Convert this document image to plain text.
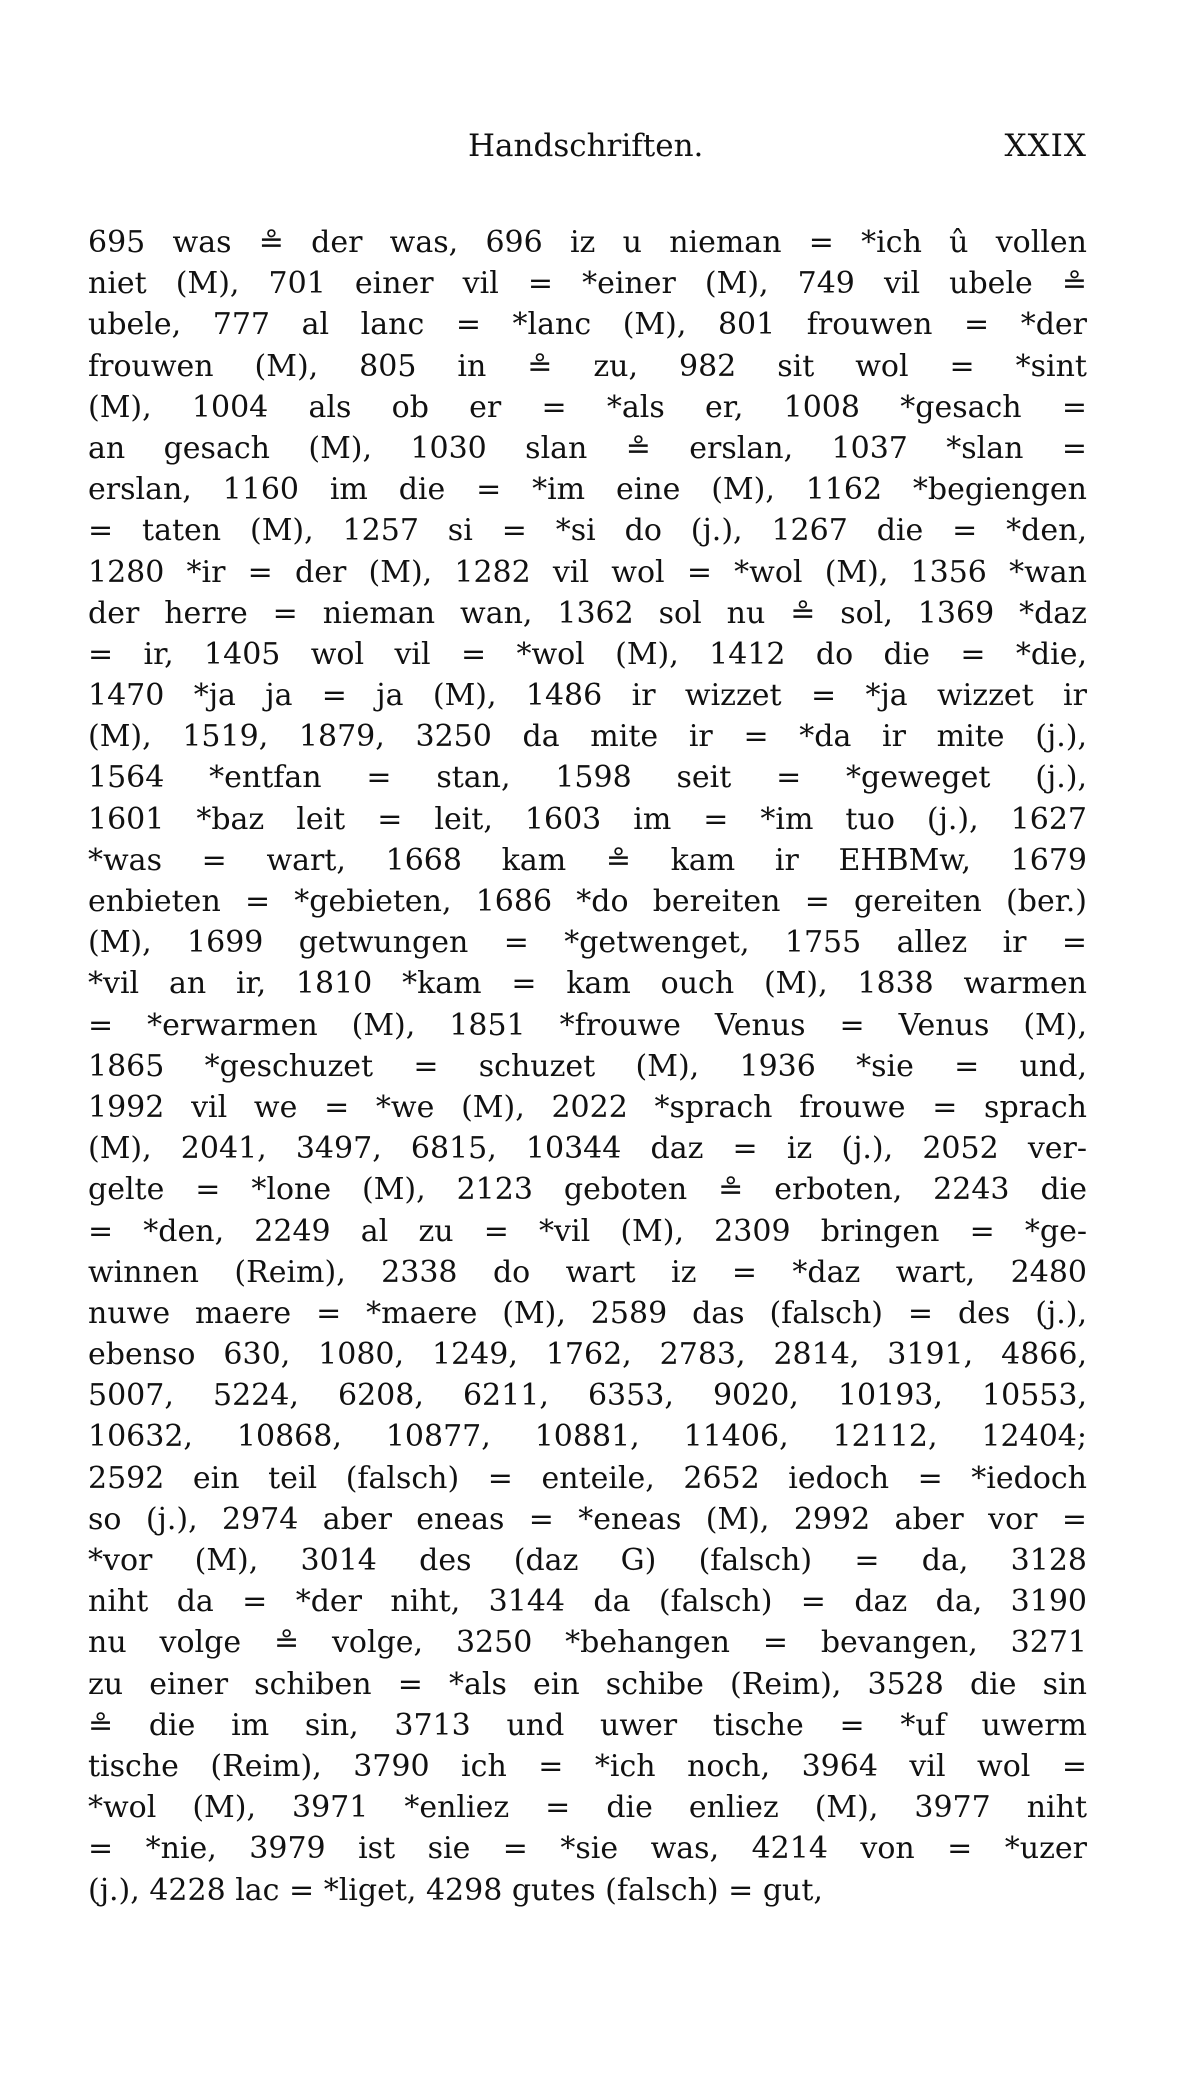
Handschriften.	XXIX
695 was ≗ der was, 696 iz u nieman = *ich û vollen
niet (M), 701 einer vil = *einer (M), 749 vil ubele ≗
ubele, 777 al lanc = *lanc (M), 801 frouwen = *der
frouwen (M), 805 in ≗ zu, 982 sit wol = *sint
(M), 1004 als ob er = *als er, 1008 *gesach =
an gesach (M), 1030 slan ≗ erslan, 1037 *slan =
erslan, 1160 im die = *im eine (M), 1162 *begiengen
= taten (M), 1257 si = *si do (j.), 1267 die = *den,
1280 *ir = der (M), 1282 vil wol = *wol (M), 1356 *wan
der herre = nieman wan, 1362 sol nu ≗ sol, 1369 *daz
= ir, 1405 wol vil = *wol (M), 1412 do die = *die,
1470 *ja ja = ja (M), 1486 ir wizzet = *ja wizzet ir
(M), 1519, 1879, 3250 da mite ir = *da ir mite (j.),
1564 *entfan = stan, 1598 seit = *geweget (j.),
1601 *baz leit = leit, 1603 im = *im tuo (j.), 1627
*was = wart, 1668 kam ≗ kam ir EHBMw, 1679
enbieten = *gebieten, 1686 *do bereiten = gereiten (ber.)
(M), 1699 getwungen = *getwenget, 1755 allez ir =
*vil an ir, 1810 *kam = kam ouch (M), 1838 warmen
= *erwarmen (M), 1851 *frouwe Venus = Venus (M),
1865 *geschuzet = schuzet (M), 1936 *sie = und,
1992 vil we = *we (M), 2022 *sprach frouwe = sprach
(M), 2041, 3497, 6815, 10344 daz = iz (j.), 2052 ver-
gelte = *lone (M), 2123 geboten ≗ erboten, 2243 die
= *den, 2249 al zu = *vil (M), 2309 bringen = *ge-
winnen (Reim), 2338 do wart iz = *daz wart, 2480
nuwe maere = *maere (M), 2589 das (falsch) = des (j.),
ebenso 630, 1080, 1249, 1762, 2783, 2814, 3191, 4866,
5007, 5224, 6208, 6211, 6353, 9020, 10193, 10553,
10632, 10868, 10877, 10881, 11406, 12112, 12404;
2592 ein teil (falsch) = enteile, 2652 iedoch = *iedoch
so (j.), 2974 aber eneas = *eneas (M), 2992 aber vor =
*vor (M), 3014 des (daz G) (falsch) = da, 3128
niht da = *der niht, 3144 da (falsch) = daz da, 3190
nu volge ≗ volge, 3250 *behangen = bevangen, 3271
zu einer schiben = *als ein schibe (Reim), 3528 die sin
≗ die im sin, 3713 und uwer tische = *uf uwerm
tische (Reim), 3790 ich = *ich noch, 3964 vil wol =
*wol (M), 3971 *enliez = die enliez (M), 3977 niht
= *nie, 3979 ist sie = *sie was, 4214 von = *uzer
(j.), 4228 lac = *liget, 4298 gutes (falsch) = gut,
